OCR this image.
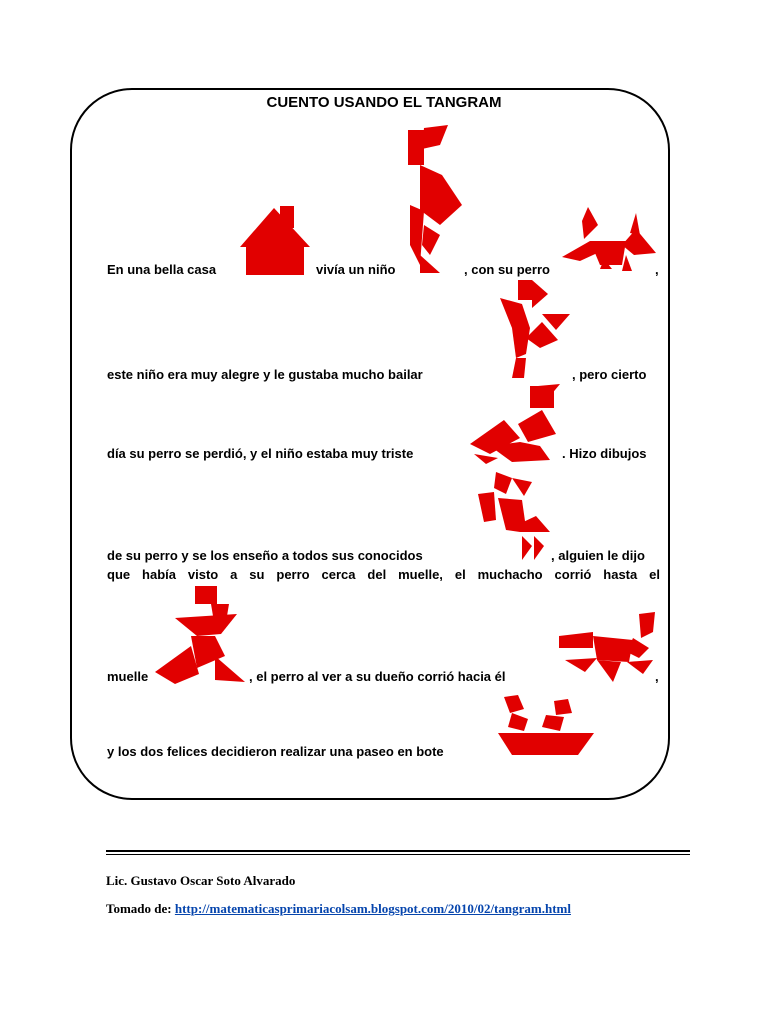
CUENTO USANDO EL TANGRAM
En una bella casa	vivía un niño	, con su perro	,
este niño era muy alegre y le gustaba mucho bailar	, pero cierto
día su perro se perdió, y el niño estaba muy triste	. Hizo dibujos
de su perro y se los enseño a todos sus conocidos	, alguien le dijo
que había visto a su perro cerca del muelle, el muchacho corrió hasta el
muelle	, el perro al ver a su dueño corrió hacia él	,
y los dos felices decidieron realizar una paseo en bote
Lic. Gustavo Oscar Soto Alvarado
Tomado de: http://matematicasprimariacolsam.blogspot.com/2010/02/tangram.html
